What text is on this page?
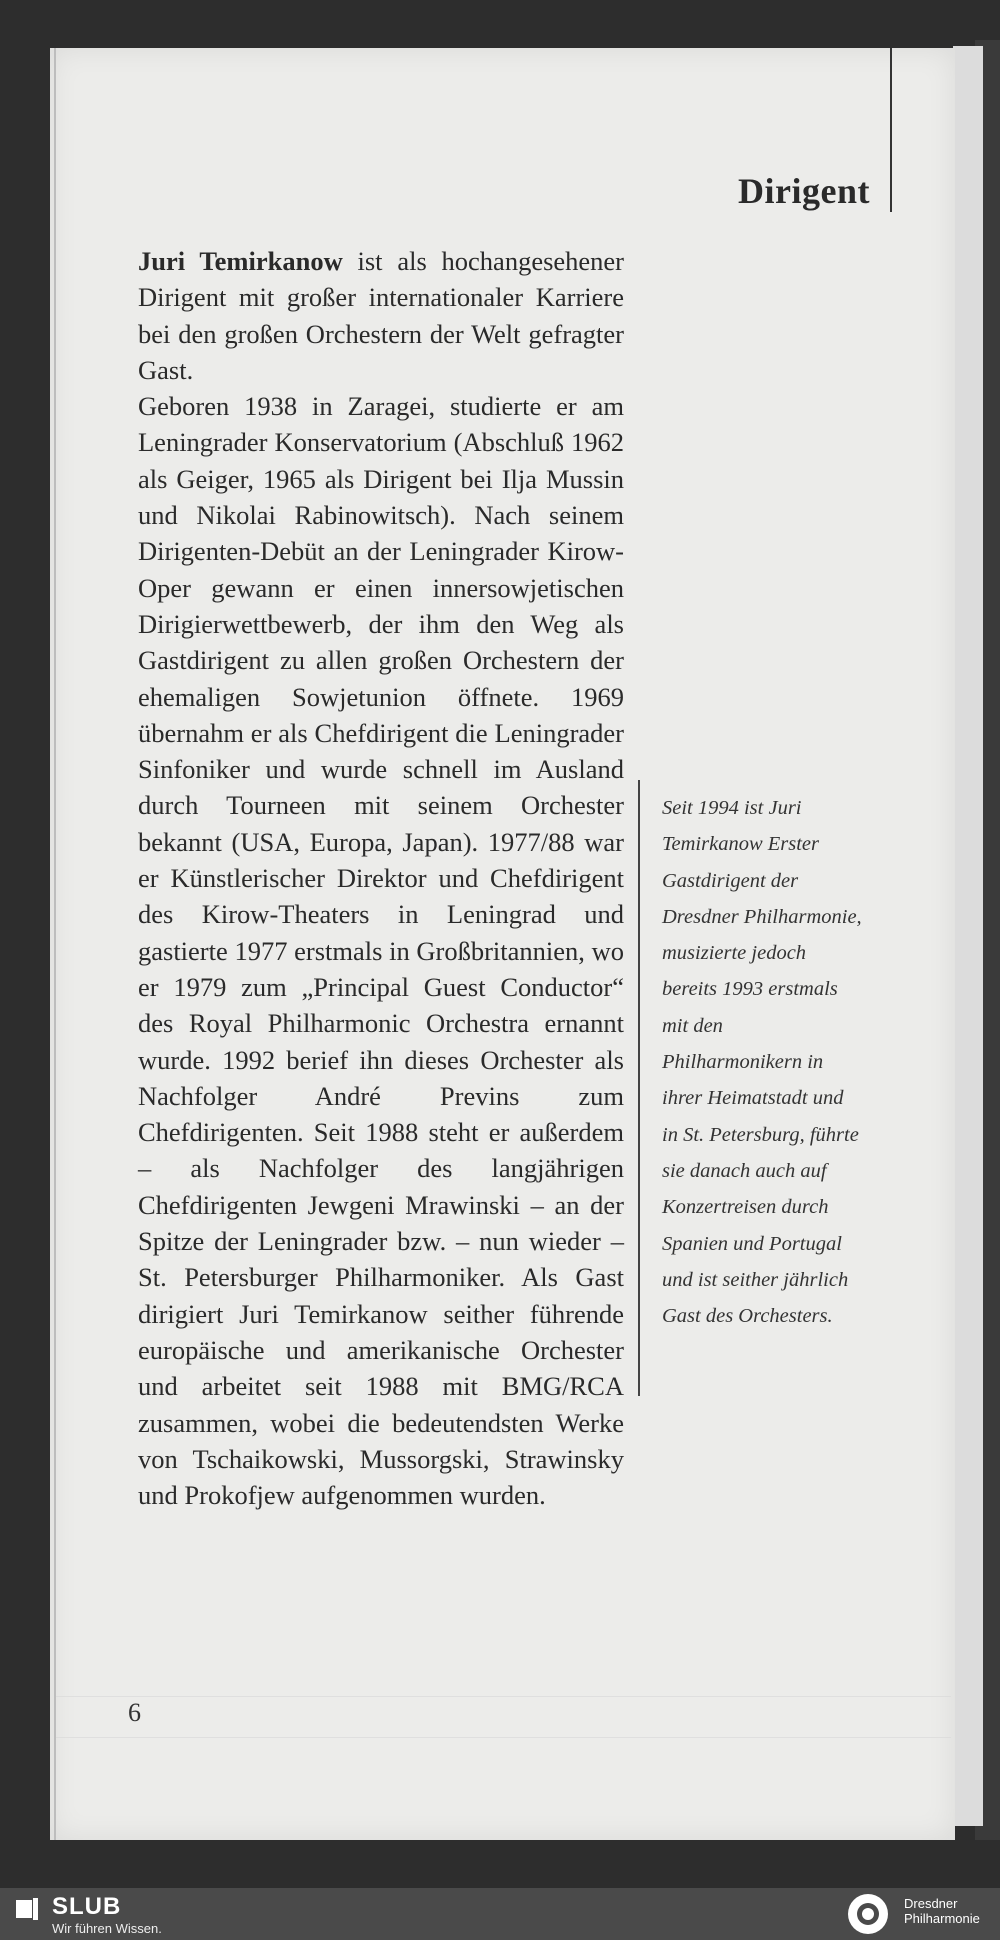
Dirigent

Juri Temirkanow ist als hochangesehener Dirigent mit großer internationaler Karriere bei den großen Orchestern der Welt gefragter Gast.

Geboren 1938 in Zaragei, studierte er am Leningrader Konservatorium (Abschluß 1962 als Geiger, 1965 als Dirigent bei Ilja Mussin und Nikolai Rabinowitsch). Nach seinem Dirigenten-Debüt an der Leningrader Kirow-Oper gewann er einen innersowjetischen Dirigierwettbewerb, der ihm den Weg als Gastdirigent zu allen großen Orchestern der ehemaligen Sowjetunion öffnete. 1969 übernahm er als Chefdirigent die Leningrader Sinfoniker und wurde schnell im Ausland durch Tourneen mit seinem Orchester bekannt (USA, Europa, Japan). 1977/88 war er Künstlerischer Direktor und Chefdirigent des Kirow-Theaters in Leningrad und gastierte 1977 erstmals in Großbritannien, wo er 1979 zum „Principal Guest Conductor“ des Royal Philharmonic Orchestra ernannt wurde. 1992 berief ihn dieses Orchester als Nachfolger André Previns zum Chefdirigenten. Seit 1988 steht er außerdem – als Nachfolger des langjährigen Chefdirigenten Jewgeni Mrawinski – an der Spitze der Leningrader bzw. – nun wieder – St. Petersburger Philharmoniker. Als Gast dirigiert Juri Temirkanow seither führende europäische und amerikanische Orchester und arbeitet seit 1988 mit BMG/RCA zusammen, wobei die bedeutendsten Werke von Tschaikowski, Mussorgski, Strawinsky und Prokofjew aufgenommen wurden.

Seit 1994 ist Juri Temirkanow Erster Gastdirigent der Dresdner Philharmonie, musizierte jedoch bereits 1993 erstmals mit den Philharmonikern in ihrer Heimatstadt und in St. Petersburg, führte sie danach auch auf Konzertreisen durch Spanien und Portugal und ist seither jährlich Gast des Orchesters.
6
SLUB
Wir führen Wissen.
Dresdner
Philharmonie
